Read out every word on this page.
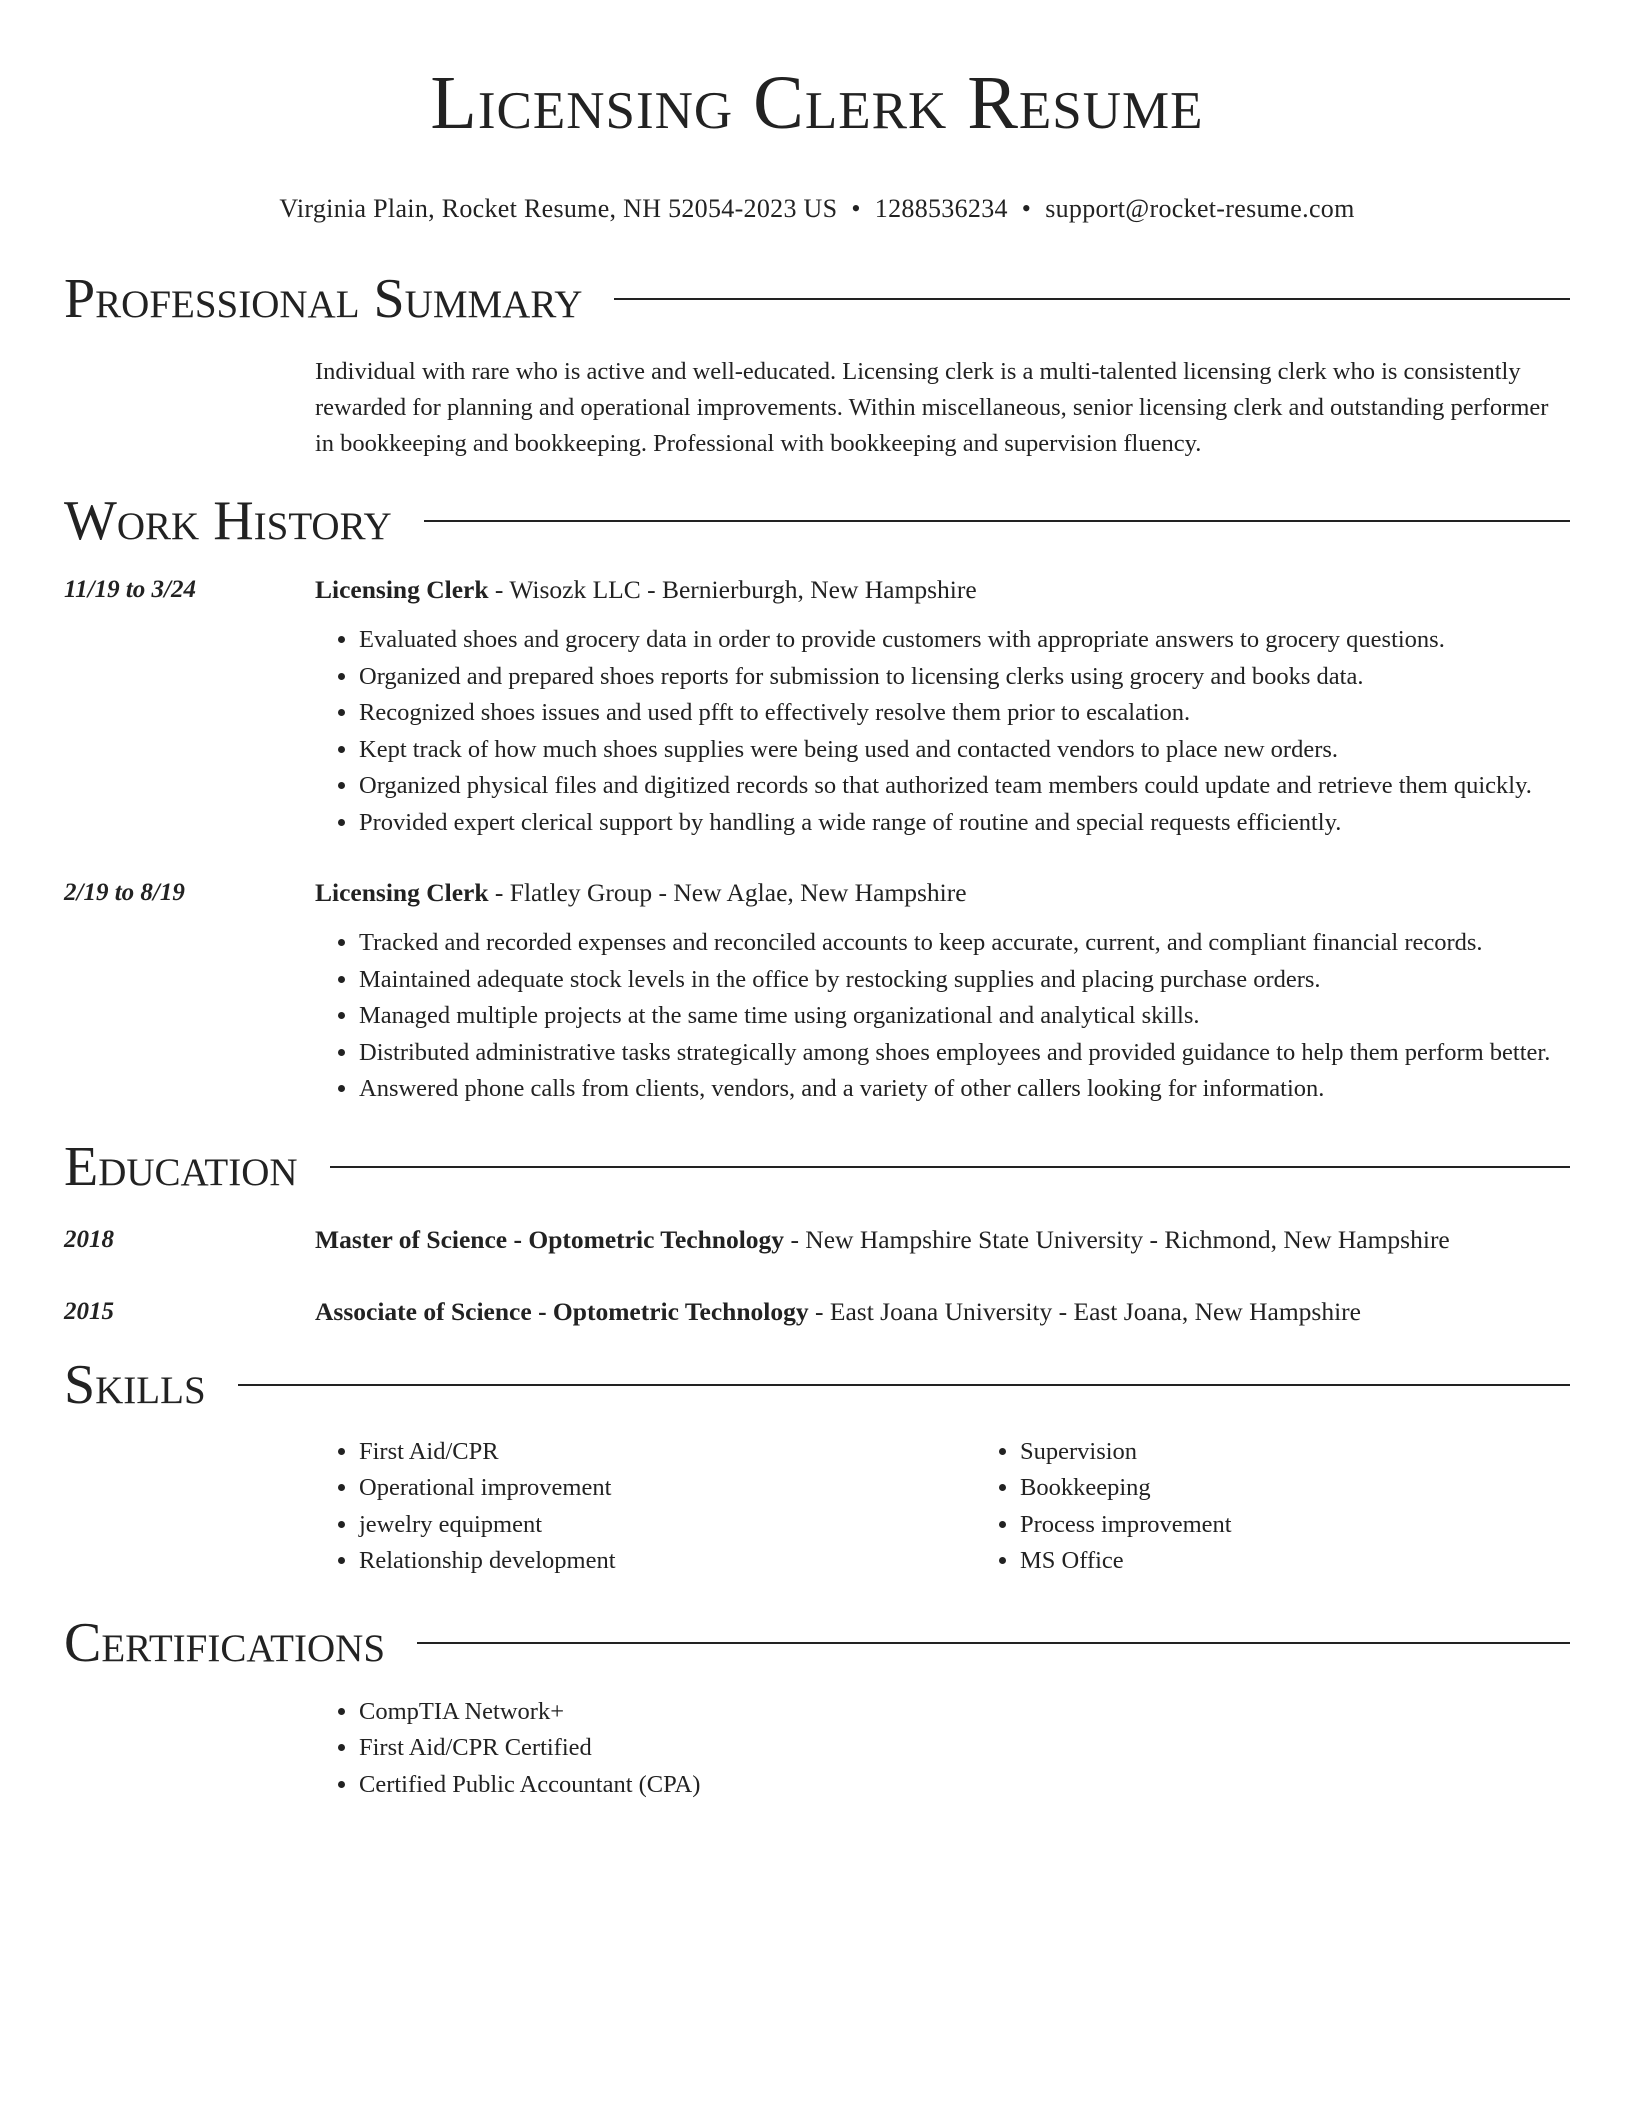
Licensing Clerk Resume
Virginia Plain, Rocket Resume, NH 52054-2023 US • 1288536234 • support@rocket-resume.com
Professional Summary
Individual with rare who is active and well-educated. Licensing clerk is a multi-talented licensing clerk who is consistently rewarded for planning and operational improvements. Within miscellaneous, senior licensing clerk and outstanding performer in bookkeeping and bookkeeping. Professional with bookkeeping and supervision fluency.
Work History
11/19 to 3/24	Licensing Clerk - Wisozk LLC - Bernierburgh, New Hampshire
• Evaluated shoes and grocery data in order to provide customers with appropriate answers to grocery questions.
• Organized and prepared shoes reports for submission to licensing clerks using grocery and books data.
• Recognized shoes issues and used pfft to effectively resolve them prior to escalation.
• Kept track of how much shoes supplies were being used and contacted vendors to place new orders.
• Organized physical files and digitized records so that authorized team members could update and retrieve them quickly.
• Provided expert clerical support by handling a wide range of routine and special requests efficiently.
2/19 to 8/19	Licensing Clerk - Flatley Group - New Aglae, New Hampshire
• Tracked and recorded expenses and reconciled accounts to keep accurate, current, and compliant financial records.
• Maintained adequate stock levels in the office by restocking supplies and placing purchase orders.
• Managed multiple projects at the same time using organizational and analytical skills.
• Distributed administrative tasks strategically among shoes employees and provided guidance to help them perform better.
• Answered phone calls from clients, vendors, and a variety of other callers looking for information.
Education
2018	Master of Science - Optometric Technology - New Hampshire State University - Richmond, New Hampshire
2015	Associate of Science - Optometric Technology - East Joana University - East Joana, New Hampshire
Skills
• First Aid/CPR
• Operational improvement
• jewelry equipment
• Relationship development
• Supervision
• Bookkeeping
• Process improvement
• MS Office
Certifications
• CompTIA Network+
• First Aid/CPR Certified
• Certified Public Accountant (CPA)
